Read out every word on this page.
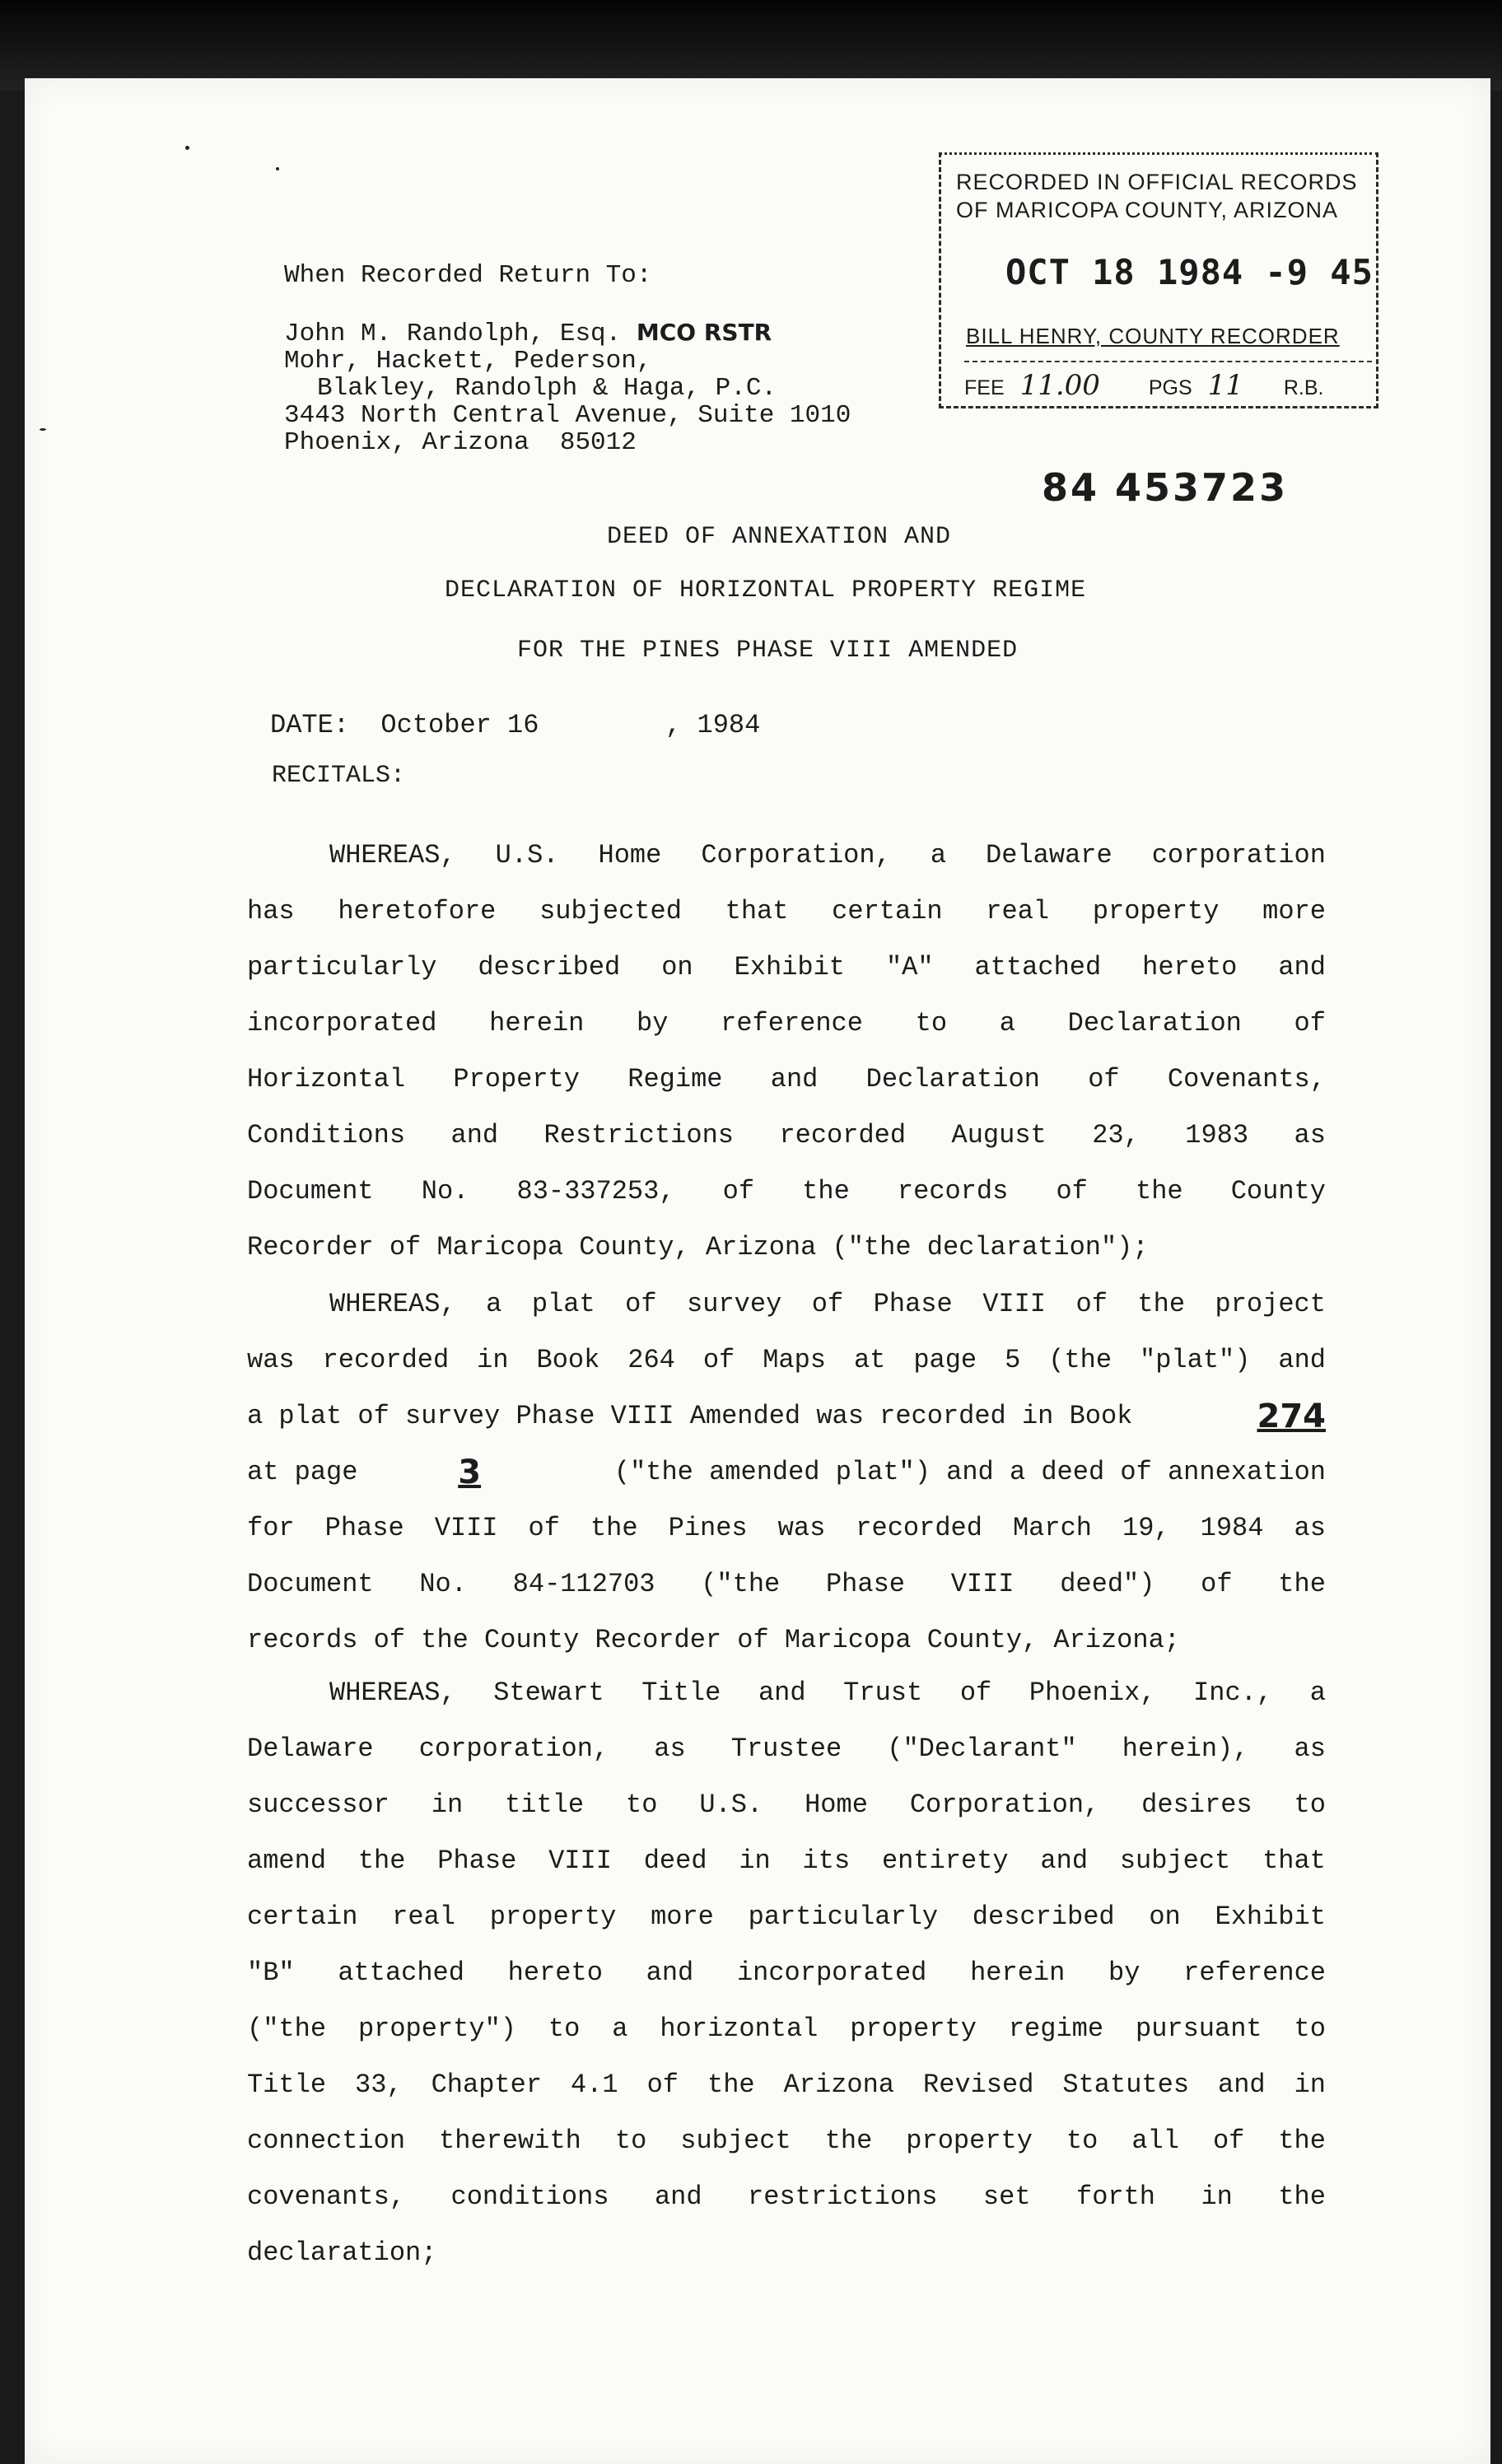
When Recorded Return To:
John M. Randolph, Esq. MCO RSTR
Mohr, Hackett, Pederson,
Blakley, Randolph & Haga, P.C.
3443 North Central Avenue, Suite 1010
Phoenix, Arizona  85012
RECORDED IN OFFICIAL RECORDS
OF MARICOPA COUNTY, ARIZONA
OCT 18 1984 -9 45
BILL HENRY, COUNTY RECORDER
FEE 11.00 PGS 11 R.B.
84 453723
DEED OF ANNEXATION AND
DECLARATION OF HORIZONTAL PROPERTY REGIME
FOR THE PINES PHASE VIII AMENDED
DATE: October 16	, 1984
RECITALS:
WHEREAS, U.S. Home Corporation, a Delaware corporation
has heretofore subjected that certain real property more
particularly described on Exhibit "A" attached hereto and
incorporated herein by reference to a Declaration of
Horizontal Property Regime and Declaration of Covenants,
Conditions and Restrictions recorded August 23, 1983 as
Document No. 83-337253, of the records of the County
Recorder of Maricopa County, Arizona ("the declaration");
WHEREAS, a plat of survey of Phase VIII of the project
was recorded in Book 264 of Maps at page 5 (the "plat") and
a plat of survey Phase VIII Amended was recorded in Book	274
at page	3	("the amended plat") and a deed of annexation
for Phase VIII of the Pines was recorded March 19, 1984 as
Document No. 84-112703 ("the Phase VIII deed") of the
records of the County Recorder of Maricopa County, Arizona;
WHEREAS, Stewart Title and Trust of Phoenix, Inc., a
Delaware corporation, as Trustee ("Declarant" herein), as
successor in title to U.S. Home Corporation, desires to
amend the Phase VIII deed in its entirety and subject that
certain real property more particularly described on Exhibit
"B" attached hereto and incorporated herein by reference
("the property") to a horizontal property regime pursuant to
Title 33, Chapter 4.1 of the Arizona Revised Statutes and in
connection therewith to subject the property to all of the
covenants, conditions and restrictions set forth in the
declaration;
